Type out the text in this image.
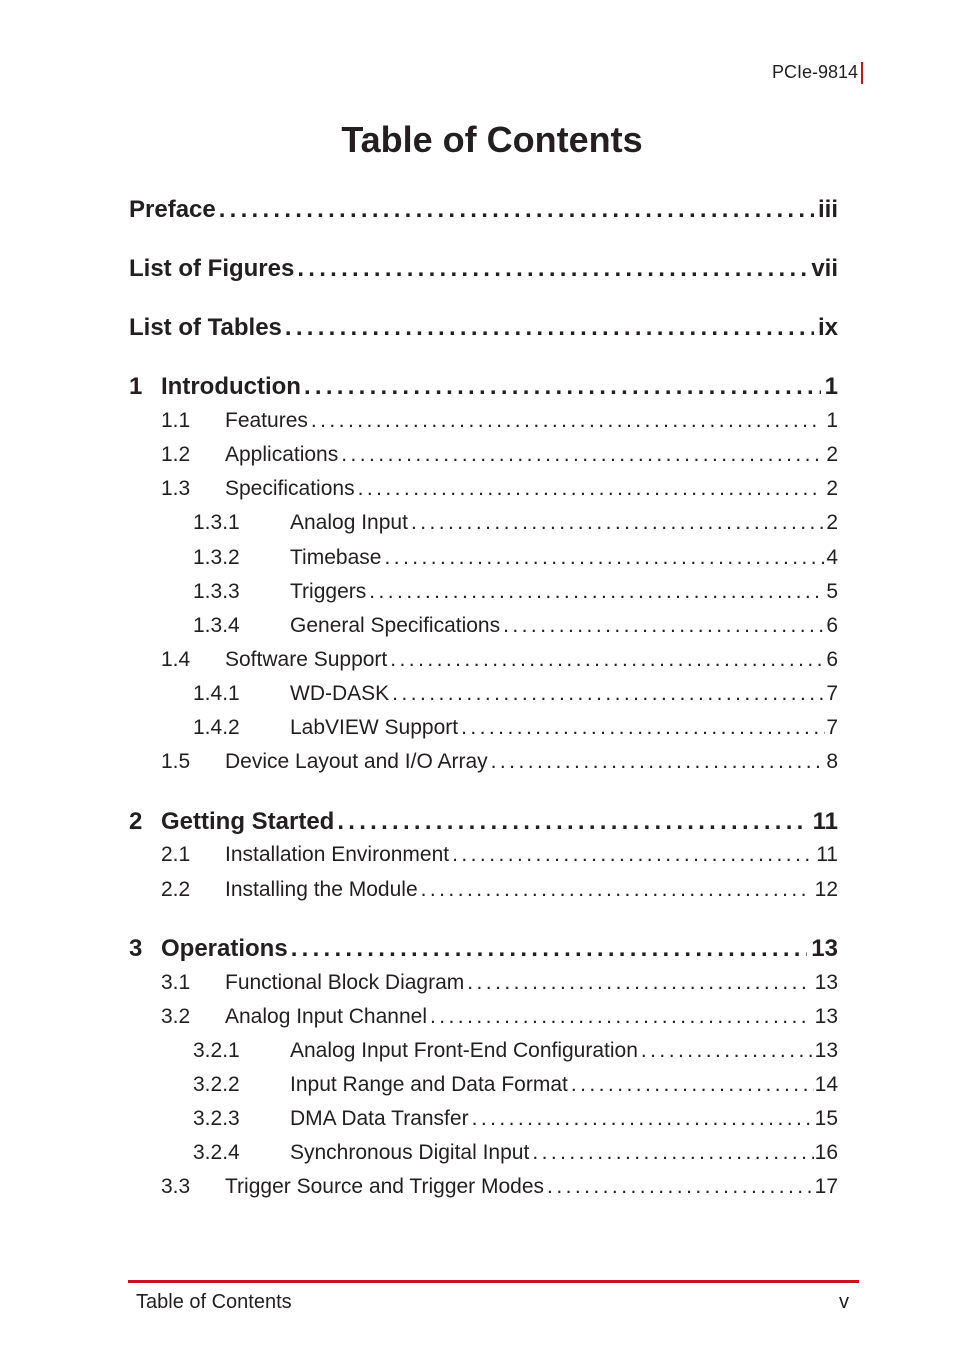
PCIe-9814
Table of Contents
Preface . . .	iii
List of Figures . . .	vii
List of Tables . . .	ix
1 Introduction . . .	1
1.1	Features . . .	1
1.2	Applications . . .	2
1.3	Specifications . . .	2
1.3.1	Analog Input . . .	2
1.3.2	Timebase . . .	4
1.3.3	Triggers . . .	5
1.3.4	General Specifications . . .	6
1.4	Software Support . . .	6
1.4.1	WD-DASK . . .	7
1.4.2	LabVIEW Support . . .	7
1.5	Device Layout and I/O Array . . .	8
2 Getting Started . . .	11
2.1	Installation Environment . . .	11
2.2	Installing the Module . . .	12
3 Operations . . .	13
3.1	Functional Block Diagram . . .	13
3.2	Analog Input Channel . . .	13
3.2.1	Analog Input Front-End Configuration . . .	13
3.2.2	Input Range and Data Format . . .	14
3.2.3	DMA Data Transfer . . .	15
3.2.4	Synchronous Digital Input . . .	16
3.3	Trigger Source and Trigger Modes . . .	17
Table of Contents	v
